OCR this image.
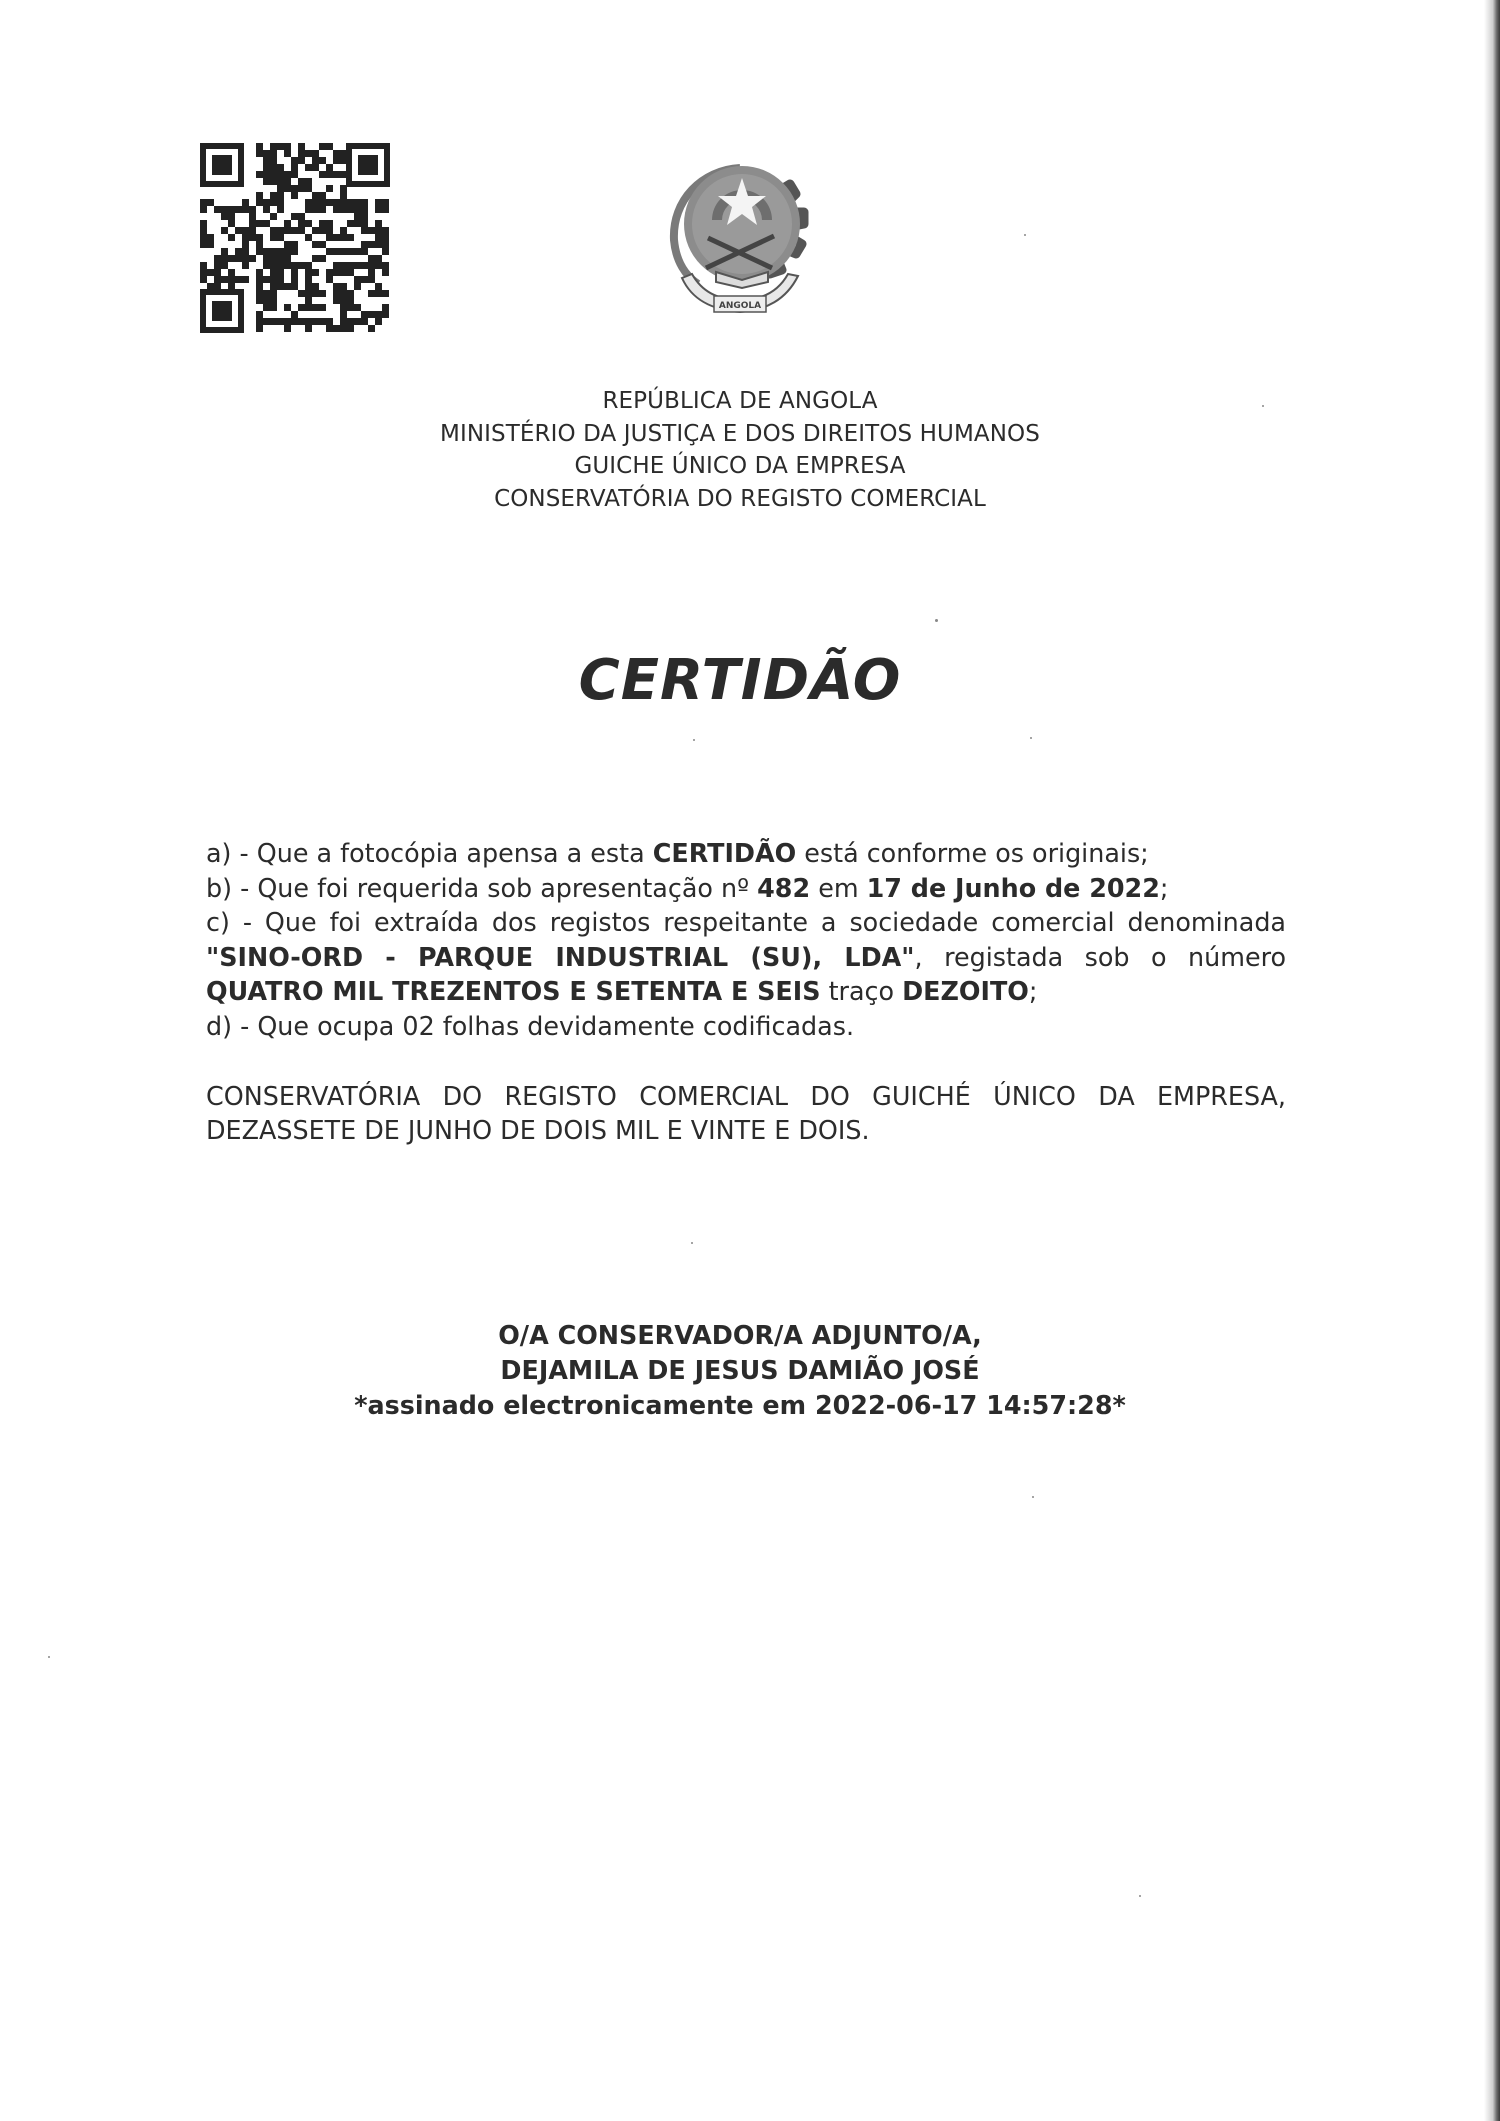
ANGOLA
REPÚBLICA DE ANGOLA
MINISTÉRIO DA JUSTIÇA E DOS DIREITOS HUMANOS
GUICHE ÚNICO DA EMPRESA
CONSERVATÓRIA DO REGISTO COMERCIAL
CERTIDÃO

a) - Que a fotocópia apensa a esta CERTIDÃO está conforme os originais;

b) - Que foi requerida sob apresentação nº 482 em 17 de Junho de 2022;

c) - Que foi extraída dos registos respeitante a sociedade comercial denominada

"SINO-ORD - PARQUE INDUSTRIAL (SU), LDA", registada sob o número

QUATRO MIL TREZENTOS E SETENTA E SEIS traço DEZOITO;

d) - Que ocupa 02 folhas devidamente codificadas.

CONSERVATÓRIA DO REGISTO COMERCIAL DO GUICHÉ ÚNICO DA EMPRESA,

DEZASSETE DE JUNHO DE DOIS MIL E VINTE E DOIS.

O/A CONSERVADOR/A ADJUNTO/A,
DEJAMILA DE JESUS DAMIÃO JOSÉ
*assinado electronicamente em 2022-06-17 14:57:28*
